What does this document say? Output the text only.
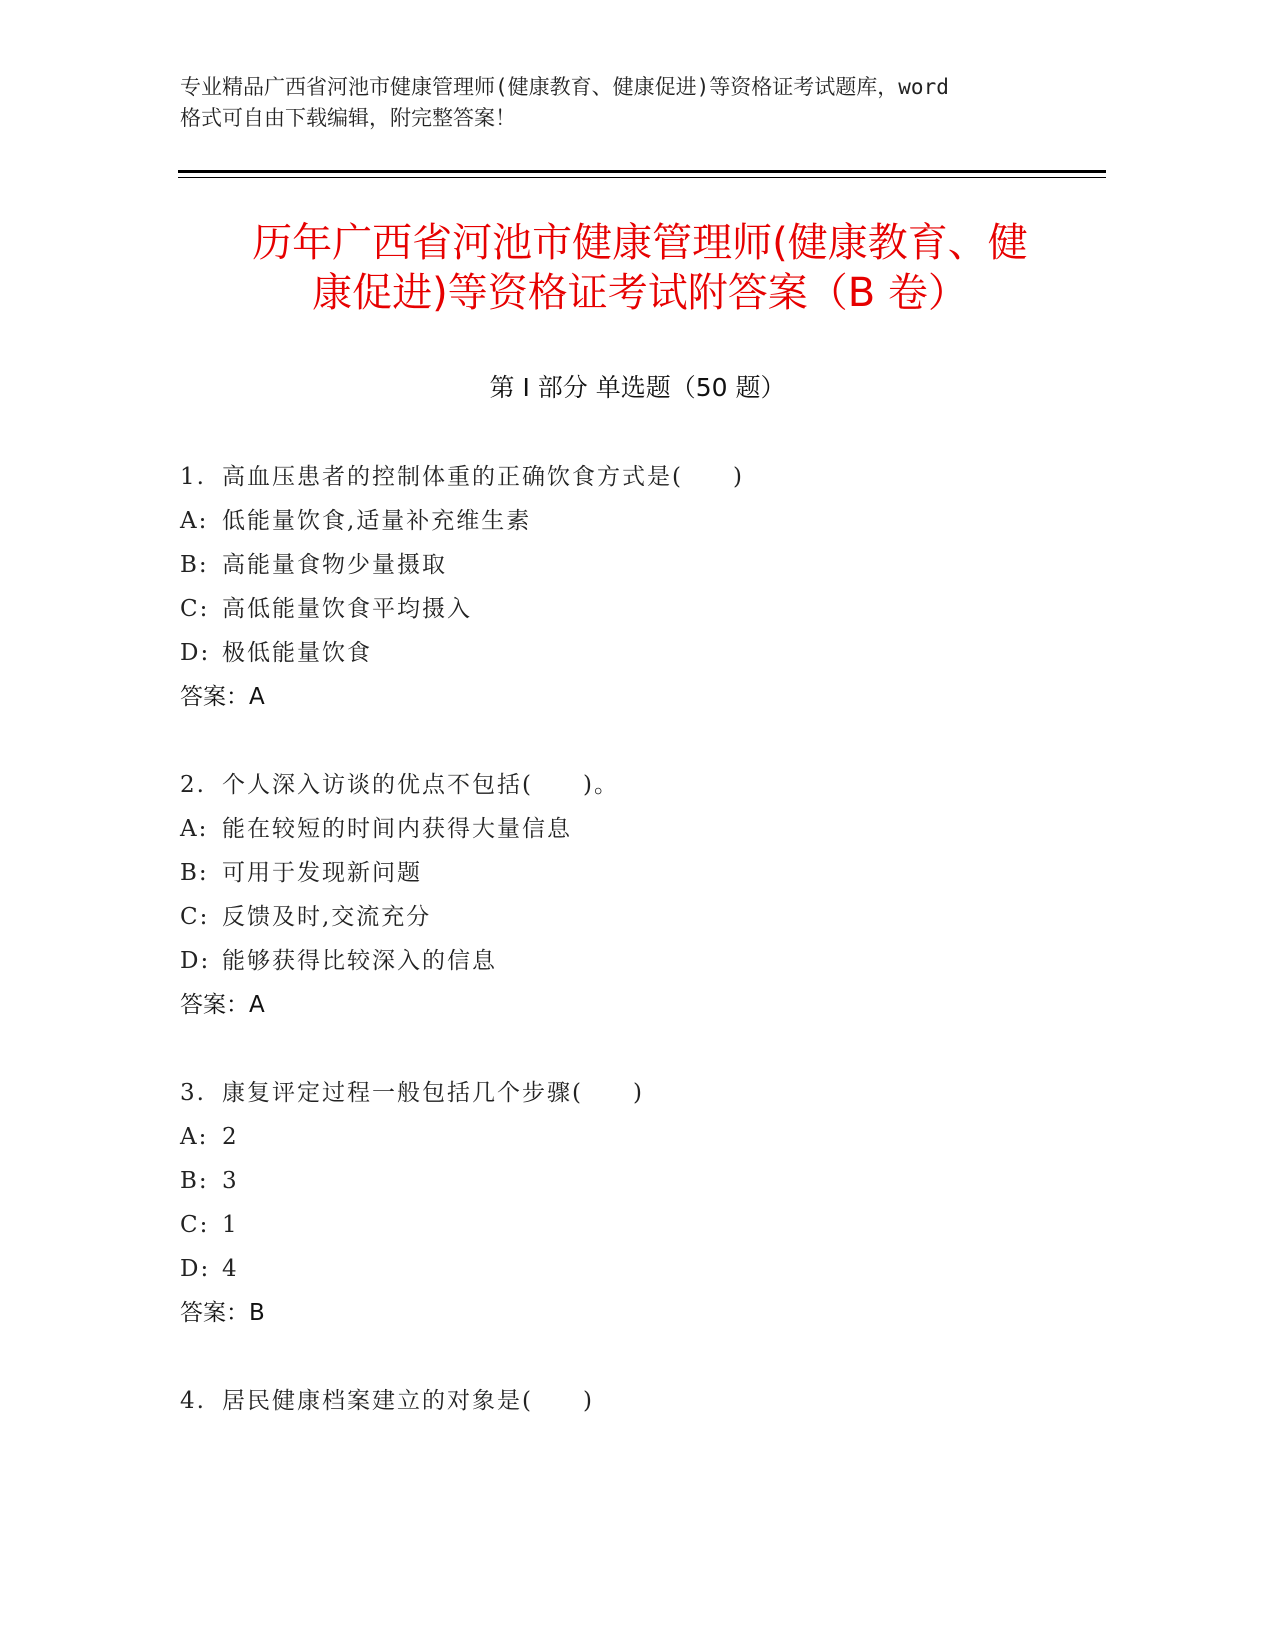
专业精品广西省河池市健康管理师(健康教育、健康促进)等资格证考试题库，word
格式可自由下载编辑，附完整答案！
历年广西省河池市健康管理师(健康教育、健
康促进)等资格证考试附答案（B 卷）
第 I 部分 单选题（50 题）
1. 高血压患者的控制体重的正确饮食方式是(　　)
A: 低能量饮食,适量补充维生素
B: 高能量食物少量摄取
C: 高低能量饮食平均摄入
D: 极低能量饮食
答案：A
2. 个人深入访谈的优点不包括(　　)。
A: 能在较短的时间内获得大量信息
B: 可用于发现新问题
C: 反馈及时,交流充分
D: 能够获得比较深入的信息
答案：A
3. 康复评定过程一般包括几个步骤(　　)
A: 2
B: 3
C: 1
D: 4
答案：B
4. 居民健康档案建立的对象是(　　)
